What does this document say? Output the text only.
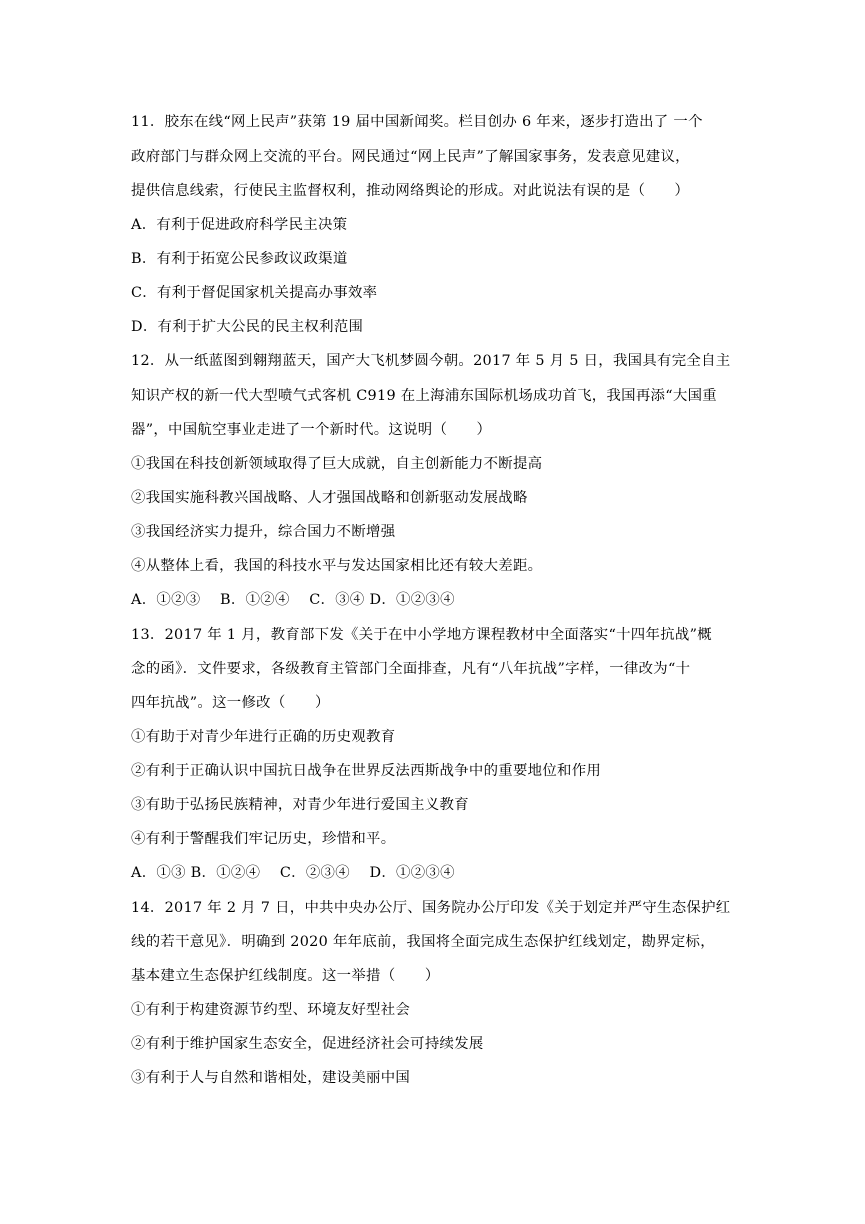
11．胶东在线“网上民声”获第 19 届中国新闻奖。栏目创办 6 年来，逐步打造出了 一个
政府部门与群众网上交流的平台。网民通过“网上民声”了解国家事务，发表意见建议，
提供信息线索，行使民主监督权利，推动网络舆论的形成。对此说法有误的是（　　）
A．有利于促进政府科学民主决策
B．有利于拓宽公民参政议政渠道
C．有利于督促国家机关提高办事效率
D．有利于扩大公民的民主权利范围
12．从一纸蓝图到翱翔蓝天，国产大飞机梦圆今朝。2017 年 5 月 5 日，我国具有完全自主
知识产权的新一代大型喷气式客机 C919 在上海浦东国际机场成功首飞，我国再添“大国重
器”，中国航空事业走进了一个新时代。这说明（　　）
①我国在科技创新领域取得了巨大成就，自主创新能力不断提高
②我国实施科教兴国战略、人才强国战略和创新驱动发展战略
③我国经济实力提升，综合国力不断增强
④从整体上看，我国的科技水平与发达国家相比还有较大差距。
A．①②③　 B．①②④　 C．③④ D．①②③④
13．2017 年 1 月，教育部下发《关于在中小学地方课程教材中全面落实“十四年抗战”概
念的函》．文件要求，各级教育主管部门全面排查，凡有“八年抗战”字样，一律改为“十
四年抗战”。这一修改（　　）
①有助于对青少年进行正确的历史观教育
②有利于正确认识中国抗日战争在世界反法西斯战争中的重要地位和作用
③有助于弘扬民族精神，对青少年进行爱国主义教育
④有利于警醒我们牢记历史，珍惜和平。
A．①③ B．①②④　 C．②③④　 D．①②③④
14．2017 年 2 月 7 日，中共中央办公厅、国务院办公厅印发《关于划定并严守生态保护红
线的若干意见》．明确到 2020 年年底前，我国将全面完成生态保护红线划定，勘界定标，
基本建立生态保护红线制度。这一举措（　　）
①有利于构建资源节约型、环境友好型社会
②有利于维护国家生态安全，促进经济社会可持续发展
③有利于人与自然和谐相处，建设美丽中国
